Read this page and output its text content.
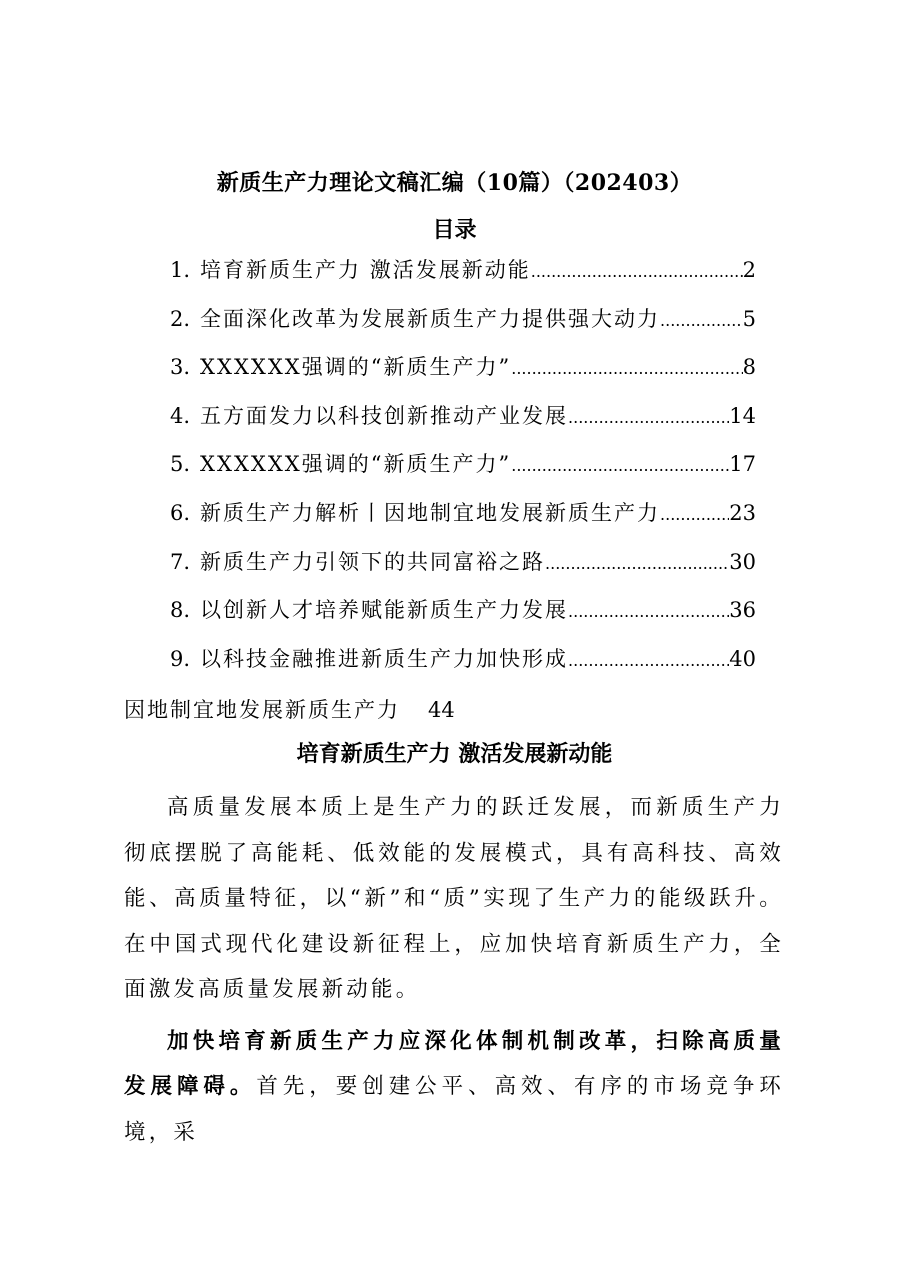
新质生产力理论文稿汇编（10篇）（202403）
目录
1. 培育新质生产力 激活发展新动能 .....	2
2. 全面深化改革为发展新质生产力提供强大动力 .....	5
3. XXXXXX强调的“新质生产力” .....	8
4. 五方面发力以科技创新推动产业发展 .....	14
5. XXXXXX强调的“新质生产力” .....	17
6. 新质生产力解析丨因地制宜地发展新质生产力 .....	23
7. 新质生产力引领下的共同富裕之路 .....	30
8. 以创新人才培养赋能新质生产力发展 .....	36
9. 以科技金融推进新质生产力加快形成 .....	40
因地制宜地发展新质生产力 44
培育新质生产力 激活发展新动能

高质量发展本质上是生产力的跃迁发展，而新质生产力彻底摆脱了高能耗、低效能的发展模式，具有高科技、高效能、高质量特征，以“新”和“质”实现了生产力的能级跃升。在中国式现代化建设新征程上，应加快培育新质生产力，全面激发高质量发展新动能。

加快培育新质生产力应深化体制机制改革，扫除高质量发展障碍。首先，要创建公平、高效、有序的市场竞争环境，采
